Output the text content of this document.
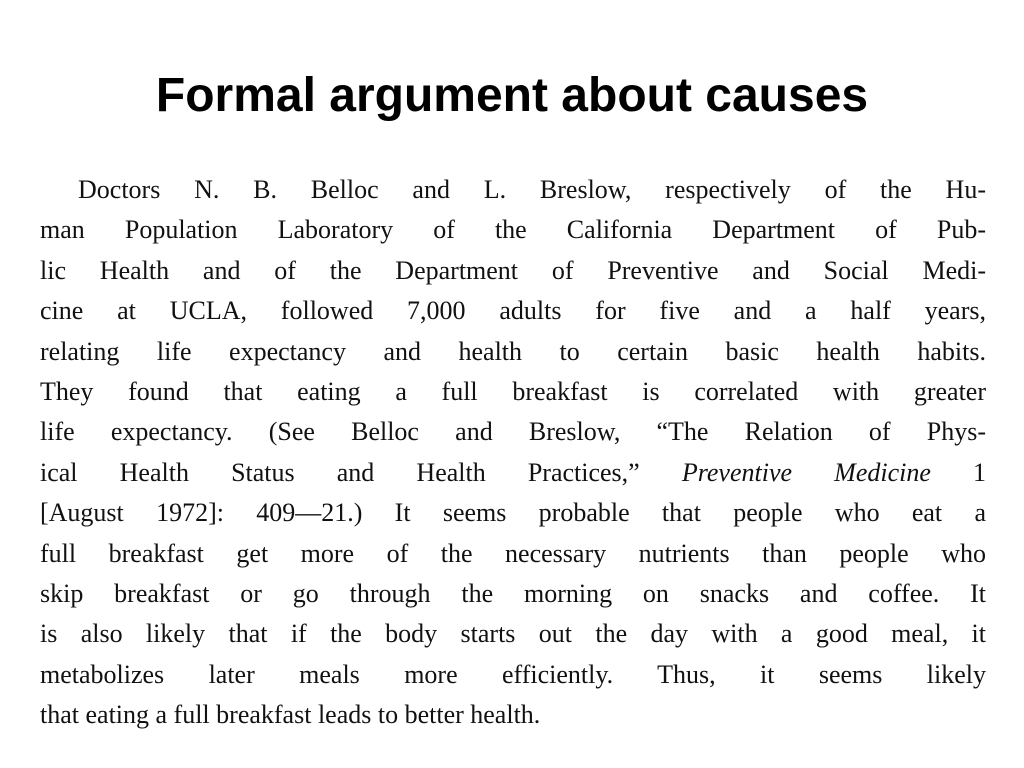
Formal argument about causes
Doctors N. B. Belloc and L. Breslow, respectively of the Hu-
man Population Laboratory of the California Department of Pub-
lic Health and of the Department of Preventive and Social Medi-
cine at UCLA, followed 7,000 adults for five and a half years,
relating life expectancy and health to certain basic health habits.
They found that eating a full breakfast is correlated with greater
life expectancy. (See Belloc and Breslow, “The Relation of Phys-
ical Health Status and Health Practices,” Preventive Medicine 1
[August 1972]: 409—21.) It seems probable that people who eat a
full breakfast get more of the necessary nutrients than people who
skip breakfast or go through the morning on snacks and coffee. It
is also likely that if the body starts out the day with a good meal, it
metabolizes later meals more efficiently. Thus, it seems likely
that eating a full breakfast leads to better health.
